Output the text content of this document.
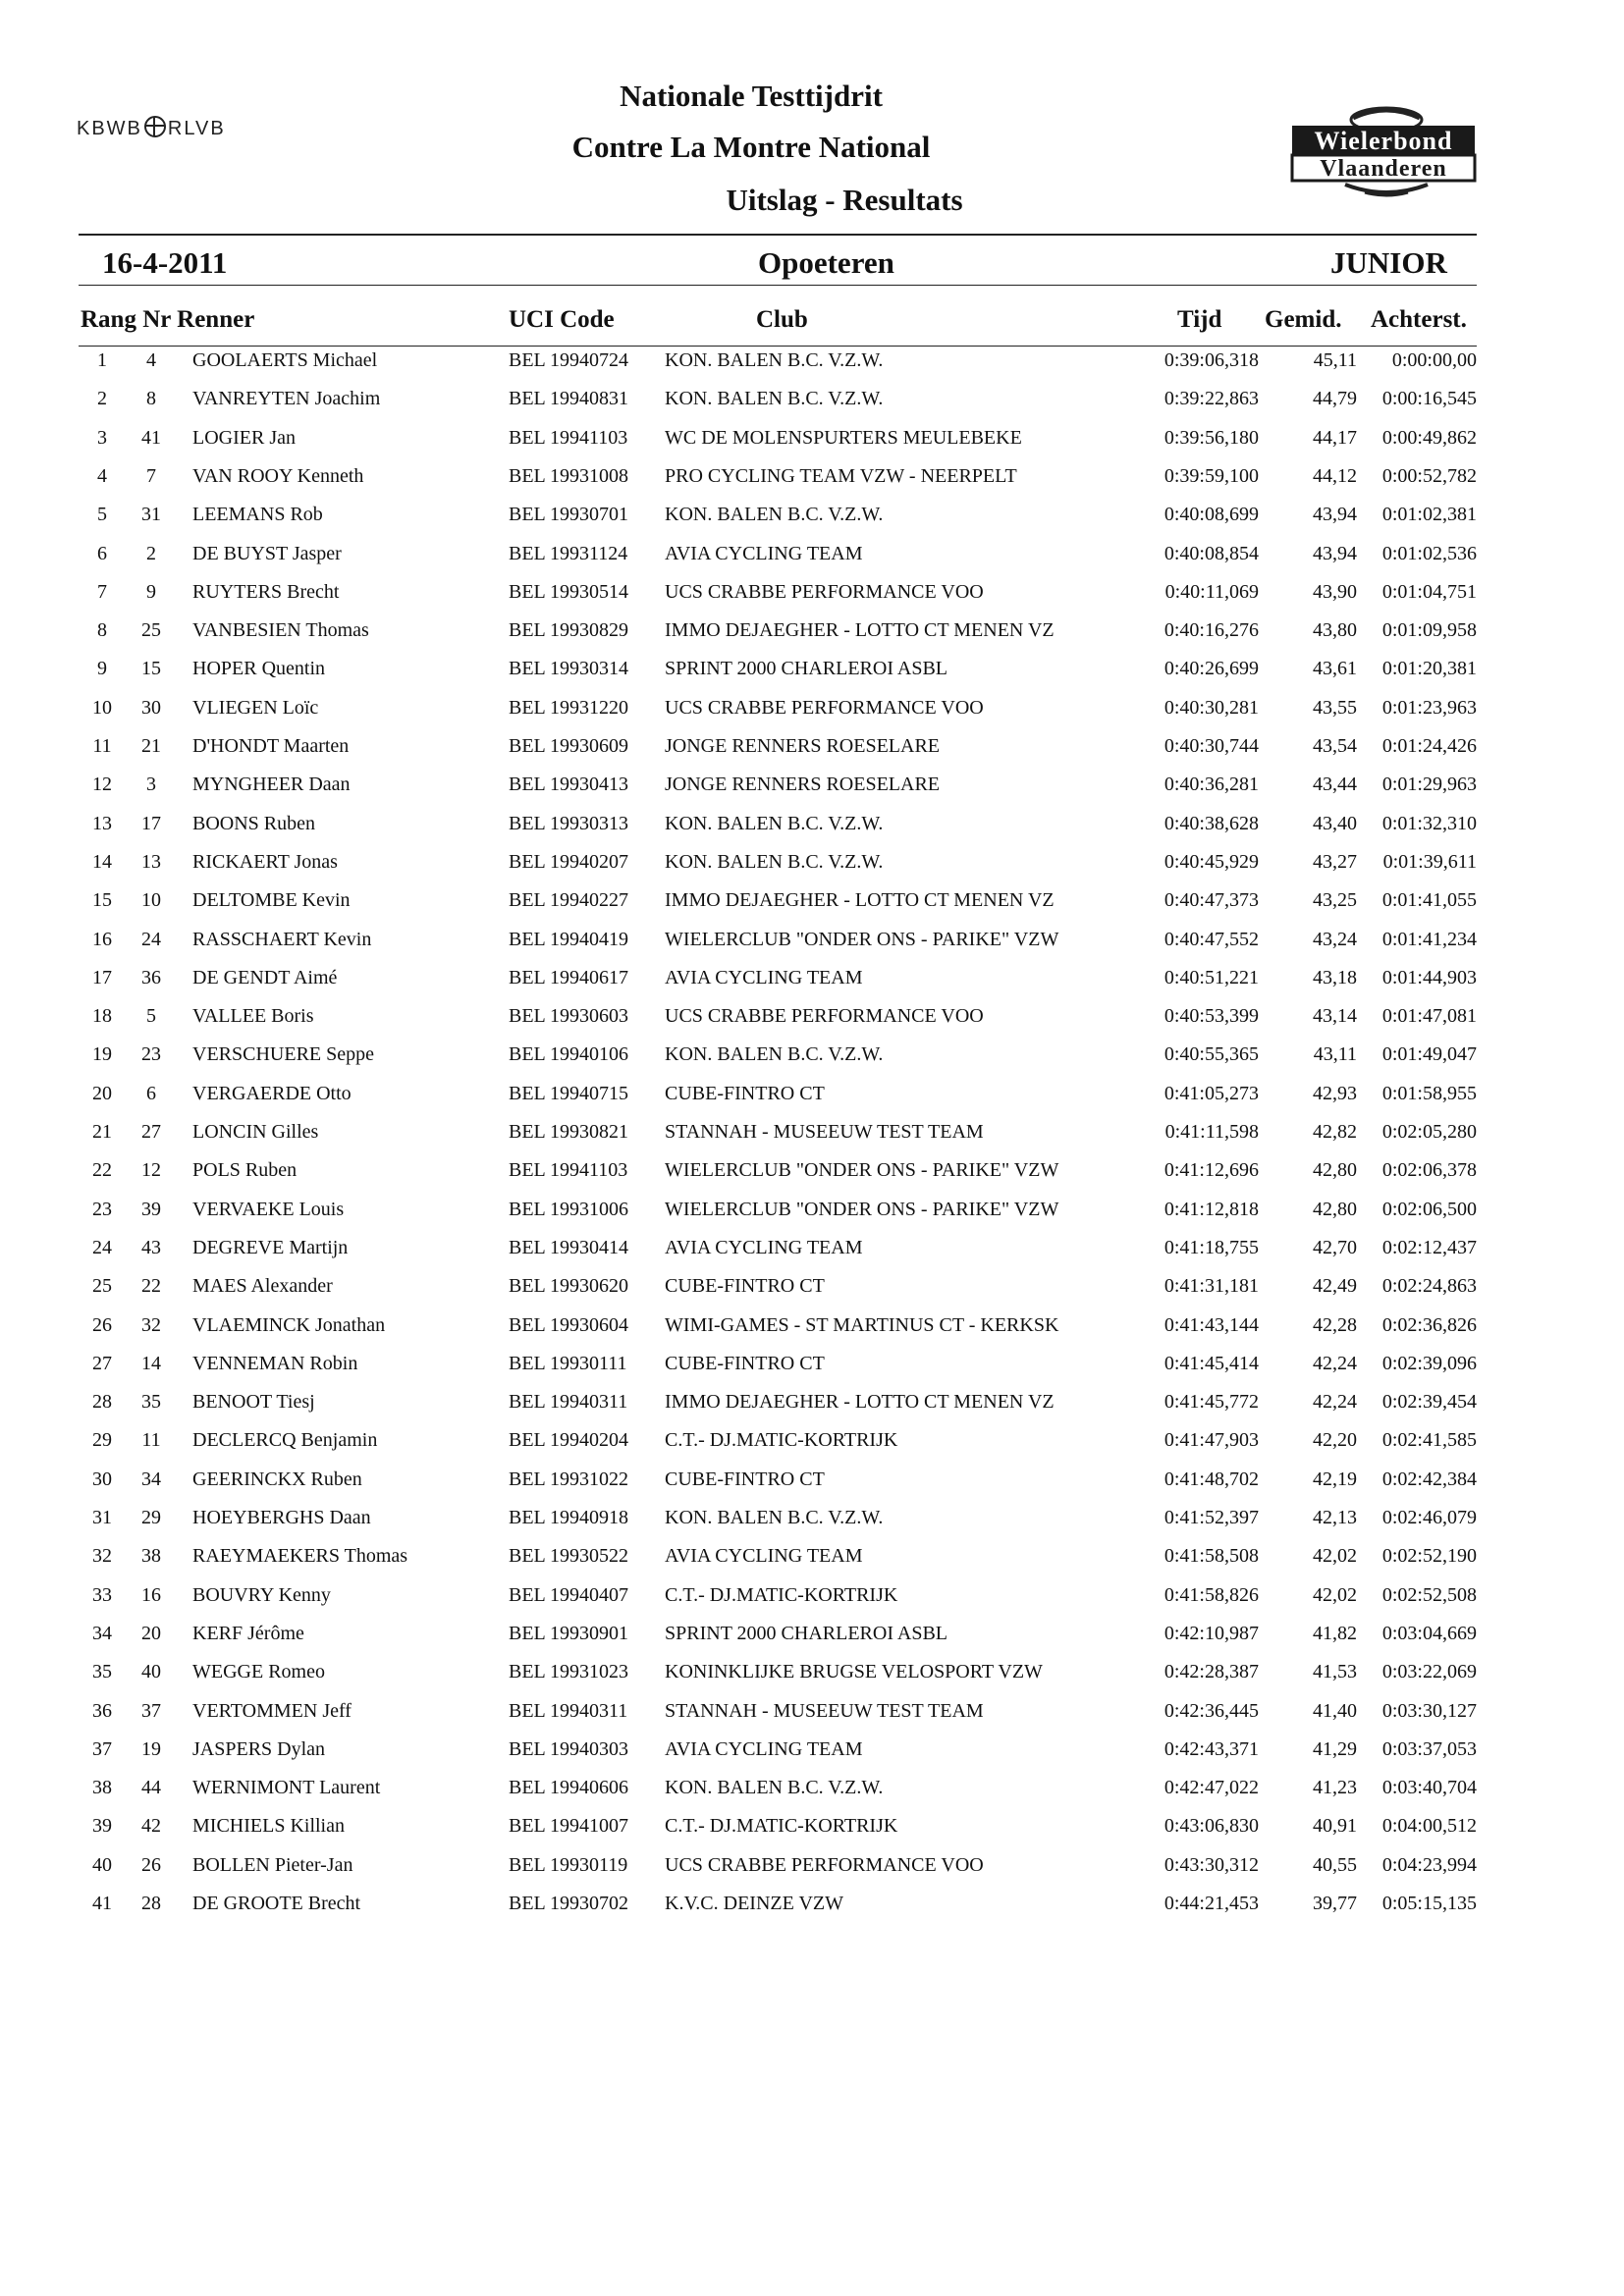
KBWB RLVB
Nationale Testtijdrit
Contre La Montre National
Uitslag - Resultats
Wielerbond
Vlaanderen
16-4-2011	Opoeteren	JUNIOR
Rang Nr Renner	UCI Code	Club	Tijd Gemid. Achterst.
1	4	GOOLAERTS Michael	BEL 19940724 KON. BALEN B.C. V.Z.W.	0:39:06,318	45,11	0:00:00,00
2	8	VANREYTEN Joachim	BEL 19940831 KON. BALEN B.C. V.Z.W.	0:39:22,863	44,79	0:00:16,545
3	41	LOGIER Jan	BEL 19941103 WC DE MOLENSPURTERS MEULEBEKE	0:39:56,180	44,17	0:00:49,862
4	7	VAN ROOY Kenneth	BEL 19931008 PRO CYCLING TEAM VZW - NEERPELT	0:39:59,100	44,12	0:00:52,782
5	31	LEEMANS Rob	BEL 19930701 KON. BALEN B.C. V.Z.W.	0:40:08,699	43,94	0:01:02,381
6	2	DE BUYST Jasper	BEL 19931124 AVIA CYCLING TEAM	0:40:08,854	43,94	0:01:02,536
7	9	RUYTERS Brecht	BEL 19930514 UCS CRABBE PERFORMANCE VOO	0:40:11,069	43,90	0:01:04,751
8	25	VANBESIEN Thomas	BEL 19930829 IMMO DEJAEGHER - LOTTO CT MENEN VZ	0:40:16,276	43,80	0:01:09,958
9	15	HOPER Quentin	BEL 19930314 SPRINT 2000 CHARLEROI ASBL	0:40:26,699	43,61	0:01:20,381
10	30	VLIEGEN Loïc	BEL 19931220 UCS CRABBE PERFORMANCE VOO	0:40:30,281	43,55	0:01:23,963
11	21	D'HONDT Maarten	BEL 19930609 JONGE RENNERS ROESELARE	0:40:30,744	43,54	0:01:24,426
12	3	MYNGHEER Daan	BEL 19930413 JONGE RENNERS ROESELARE	0:40:36,281	43,44	0:01:29,963
13	17	BOONS Ruben	BEL 19930313 KON. BALEN B.C. V.Z.W.	0:40:38,628	43,40	0:01:32,310
14	13	RICKAERT Jonas	BEL 19940207 KON. BALEN B.C. V.Z.W.	0:40:45,929	43,27	0:01:39,611
15	10	DELTOMBE Kevin	BEL 19940227 IMMO DEJAEGHER - LOTTO CT MENEN VZ	0:40:47,373	43,25	0:01:41,055
16	24	RASSCHAERT Kevin	BEL 19940419 WIELERCLUB "ONDER ONS - PARIKE" VZW	0:40:47,552	43,24	0:01:41,234
17	36	DE GENDT Aimé	BEL 19940617 AVIA CYCLING TEAM	0:40:51,221	43,18	0:01:44,903
18	5	VALLEE Boris	BEL 19930603 UCS CRABBE PERFORMANCE VOO	0:40:53,399	43,14	0:01:47,081
19	23	VERSCHUERE Seppe	BEL 19940106 KON. BALEN B.C. V.Z.W.	0:40:55,365	43,11	0:01:49,047
20	6	VERGAERDE Otto	BEL 19940715 CUBE-FINTRO CT	0:41:05,273	42,93	0:01:58,955
21	27	LONCIN Gilles	BEL 19930821 STANNAH - MUSEEUW TEST TEAM	0:41:11,598	42,82	0:02:05,280
22	12	POLS Ruben	BEL 19941103 WIELERCLUB "ONDER ONS - PARIKE" VZW	0:41:12,696	42,80	0:02:06,378
23	39	VERVAEKE Louis	BEL 19931006 WIELERCLUB "ONDER ONS - PARIKE" VZW	0:41:12,818	42,80	0:02:06,500
24	43	DEGREVE Martijn	BEL 19930414 AVIA CYCLING TEAM	0:41:18,755	42,70	0:02:12,437
25	22	MAES Alexander	BEL 19930620 CUBE-FINTRO CT	0:41:31,181	42,49	0:02:24,863
26	32	VLAEMINCK Jonathan	BEL 19930604 WIMI-GAMES - ST MARTINUS CT - KERKSK	0:41:43,144	42,28	0:02:36,826
27	14	VENNEMAN Robin	BEL 19930111 CUBE-FINTRO CT	0:41:45,414	42,24	0:02:39,096
28	35	BENOOT Tiesj	BEL 19940311 IMMO DEJAEGHER - LOTTO CT MENEN VZ	0:41:45,772	42,24	0:02:39,454
29	11	DECLERCQ Benjamin	BEL 19940204 C.T.- DJ.MATIC-KORTRIJK	0:41:47,903	42,20	0:02:41,585
30	34	GEERINCKX Ruben	BEL 19931022 CUBE-FINTRO CT	0:41:48,702	42,19	0:02:42,384
31	29	HOEYBERGHS Daan	BEL 19940918 KON. BALEN B.C. V.Z.W.	0:41:52,397	42,13	0:02:46,079
32	38	RAEYMAEKERS Thomas	BEL 19930522 AVIA CYCLING TEAM	0:41:58,508	42,02	0:02:52,190
33	16	BOUVRY Kenny	BEL 19940407 C.T.- DJ.MATIC-KORTRIJK	0:41:58,826	42,02	0:02:52,508
34	20	KERF Jérôme	BEL 19930901 SPRINT 2000 CHARLEROI ASBL	0:42:10,987	41,82	0:03:04,669
35	40	WEGGE Romeo	BEL 19931023 KONINKLIJKE BRUGSE VELOSPORT VZW	0:42:28,387	41,53	0:03:22,069
36	37	VERTOMMEN Jeff	BEL 19940311 STANNAH - MUSEEUW TEST TEAM	0:42:36,445	41,40	0:03:30,127
37	19	JASPERS Dylan	BEL 19940303 AVIA CYCLING TEAM	0:42:43,371	41,29	0:03:37,053
38	44	WERNIMONT Laurent	BEL 19940606 KON. BALEN B.C. V.Z.W.	0:42:47,022	41,23	0:03:40,704
39	42	MICHIELS Killian	BEL 19941007 C.T.- DJ.MATIC-KORTRIJK	0:43:06,830	40,91	0:04:00,512
40	26	BOLLEN Pieter-Jan	BEL 19930119 UCS CRABBE PERFORMANCE VOO	0:43:30,312	40,55	0:04:23,994
41	28	DE GROOTE Brecht	BEL 19930702 K.V.C. DEINZE VZW	0:44:21,453	39,77	0:05:15,135
